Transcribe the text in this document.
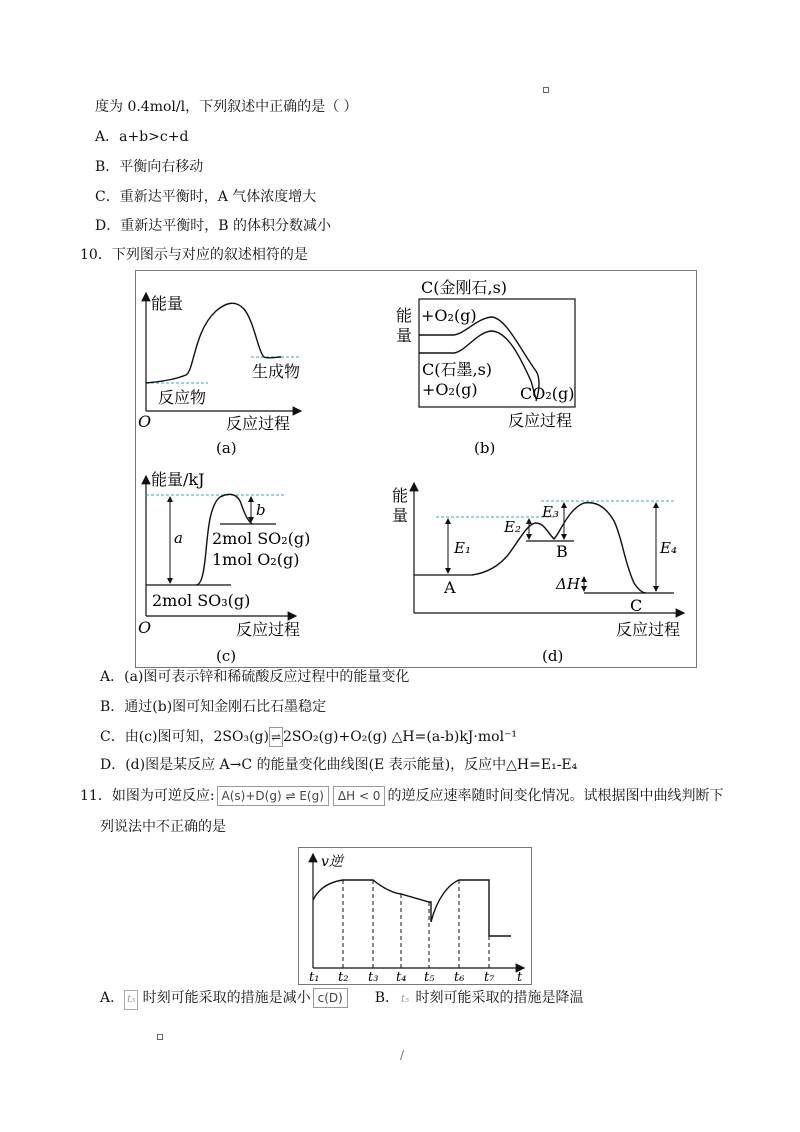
度为 0.4mol/l，下列叙述中正确的是（ ）
A．a+b>c+d
B．平衡向右移动
C．重新达平衡时，A 气体浓度增大
D．重新达平衡时，B 的体积分数减小
10．下列图示与对应的叙述相符的是
能量
生成物
反应物
O	反应过程
(a)
C(金刚石,s)
能
量
+O₂(g)
C(石墨,s)
+O₂(g)	CO₂(g)
反应过程
(b)
能量/kJ
a
b
2mol SO₂(g)
1mol O₂(g)
2mol SO₃(g)
O	反应过程
(c)
能
量
E₁
E₂
E₃
E₄
ΔH
A
B
C
反应过程
(d)
A．(a)图可表示锌和稀硫酸反应过程中的能量变化
B．通过(b)图可知金刚石比石墨稳定
C．由(c)图可知，2SO₃(g) ⇌ 2SO₂(g)+O₂(g) △H=(a-b)kJ·mol⁻¹
D．(d)图是某反应 A→C 的能量变化曲线图(E 表示能量)，反应中△H=E₁-E₄
11．如图为可逆反应: A(s)+D(g) ⇌ E(g) ΔH < 0 的逆反应速率随时间变化情况。试根据图中曲线判断下
列说法中不正确的是
v逆
t₁ t₂ t₃ t₄ t₅ t₆ t₇ t
A． t₃ 时刻可能采取的措施是减小 c(D) B． t₅ 时刻可能采取的措施是降温
/
